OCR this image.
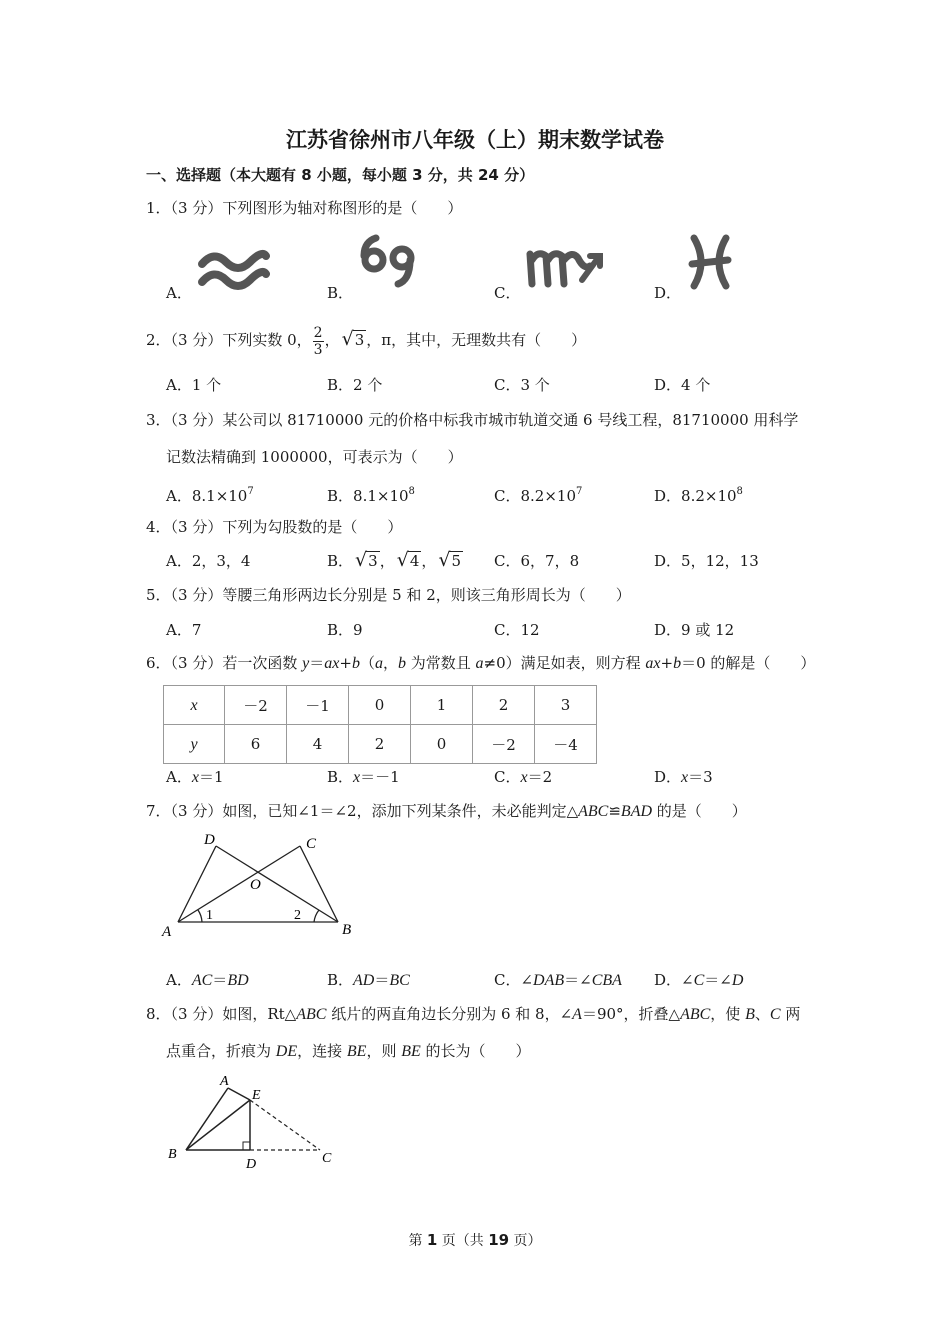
江苏省徐州市八年级（上）期末数学试卷
一、选择题（本大题有 8 小题，每小题 3 分，共 24 分）
1．（3 分）下列图形为轴对称图形的是（　　）
A．	B．	C．	D．
2．（3 分）下列实数 0， $\frac{2}{3}$ ， √3 ，π，其中，无理数共有（　　）
A．1 个	B．2 个	C．3 个	D．4 个
3．（3 分）某公司以 81710000 元的价格中标我市城市轨道交通 6 号线工程，81710000 用科学
记数法精确到 1000000，可表示为（　　）
A．$8.1\times 10^7$	B．$8.1\times 10^8$	C．$8.2\times 10^7$	D．$8.2\times 10^8$
4．（3 分）下列为勾股数的是（　　）
A．2，3，4	B． √3 ， √4 ， √5 C．6，7，8	D．5，12，13
5．（3 分）等腰三角形两边长分别是 5 和 2，则该三角形周长为（　　）
A．7	B．9	C．12	D．9 或 12
6．（3 分）若一次函数 y＝ax+b（a，b 为常数且 a≠0）满足如表，则方程 ax+b＝0 的解是（　　）
x	－2	－1	0	1	2	3
y	6	4	2	0	－2	－4
A．x＝1	B．x＝－1	C．x＝2	D．x＝3
7．（3 分）如图，已知∠1＝∠2，添加下列某条件，未必能判定△ABC≌BAD 的是（　　）
A	B
C
D
O
1	2
A．AC＝BD	B．AD＝BC	C．∠DAB＝∠CBA D．∠C＝∠D
8．（3 分）如图，Rt△ABC 纸片的两直角边长分别为 6 和 8，∠A＝90°，折叠△ABC，使 B、C 两
点重合，折痕为 DE，连接 BE，则 BE 的长为（　　）
A
B	C
D
E
第 1 页（共 19 页）
